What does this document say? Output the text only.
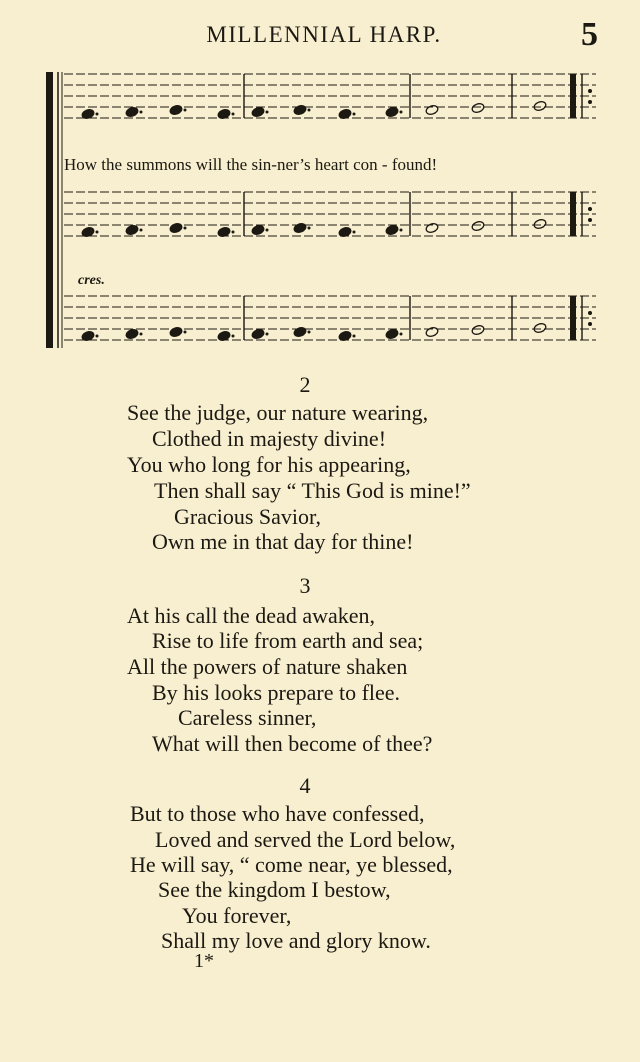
MILLENNIAL HARP.	5
How the summons will the sin-ner’s heart con - found!
cres.
2
See the judge, our nature wearing,
Clothed in majesty divine!
You who long for his appearing,
Then shall say “ This God is mine!”
Gracious Savior,
Own me in that day for thine!
3
At his call the dead awaken,
Rise to life from earth and sea;
All the powers of nature shaken
By his looks prepare to flee.
Careless sinner,
What will then become of thee?
4
But to those who have confessed,
Loved and served the Lord below,
He will say, “ come near, ye blessed,
See the kingdom I bestow,
You forever,
Shall my love and glory know.
1*
